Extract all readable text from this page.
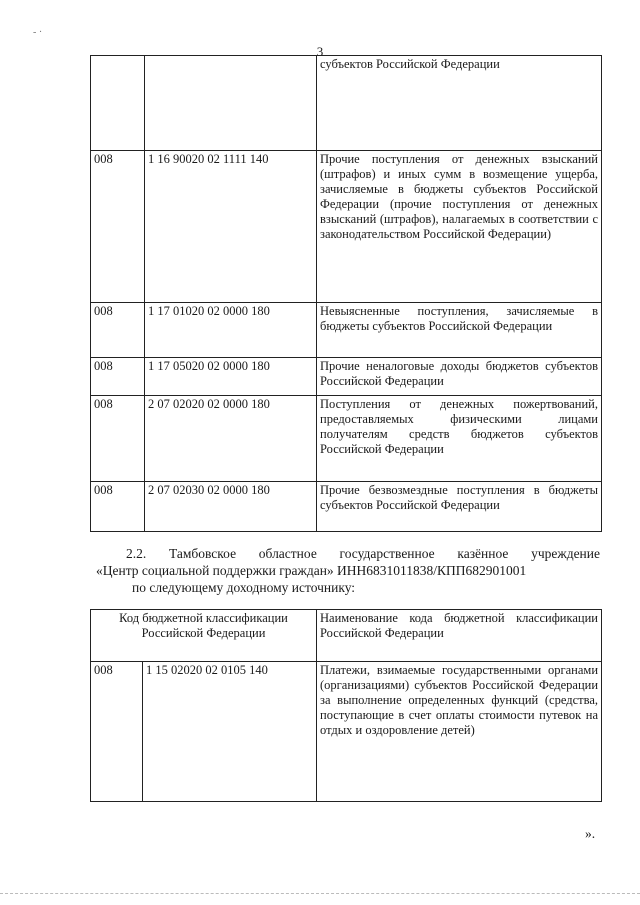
- ·
3
		субъектов Российской Федерации
008	1 16 90020 02 1111 140	Прочие поступления от денежных взысканий (штрафов) и иных сумм в возмещение ущерба, зачисляемые в бюджеты субъектов Российской Федерации (прочие поступления от денежных взысканий (штрафов), налагаемых в соответствии с законодательством Российской Федерации)
008	1 17 01020 02 0000 180	Невыясненные поступления, зачисляемые в бюджеты субъектов Российской Федерации
008	1 17 05020 02 0000 180	Прочие неналоговые доходы бюджетов субъектов Российской Федерации
008	2 07 02020 02 0000 180	Поступления от денежных пожертвований, предоставляемых физическими лицами получателям средств бюджетов субъектов Российской Федерации
008	2 07 02030 02 0000 180	Прочие безвозмездные поступления в бюджеты субъектов Российской Федерации
2.2. Тамбовское областное государственное казённое учреждение
«Центр социальной поддержки граждан» ИНН6831011838/КПП682901001
по следующему доходному источнику:
Код бюджетной классификации Российской Федерации		Наименование кода бюджетной классификации Российской Федерации
008	1 15 02020 02 0105 140	Платежи, взимаемые государственными органами (организациями) субъектов Российской Федерации за выполнение определенных функций (средства, поступающие в счет оплаты стоимости путевок на отдых и оздоровление детей)
».
